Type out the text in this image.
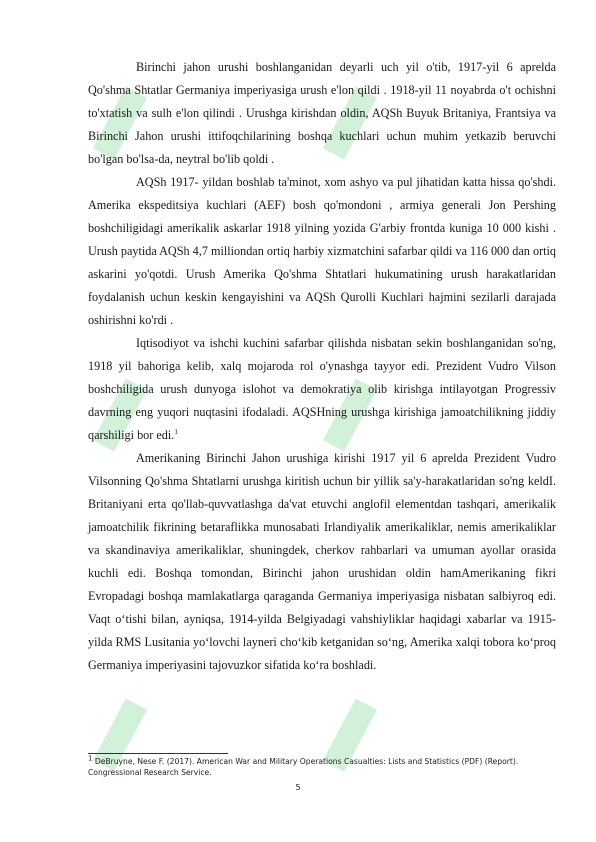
Birinchi jahon urushi boshlanganidan deyarli uch yil o'tib, 1917-yil 6 aprelda Qo'shma Shtatlar Germaniya imperiyasiga urush e'lon qildi . 1918-yil 11 noyabrda o't ochishni to'xtatish va sulh e'lon qilindi . Urushga kirishdan oldin, AQSh Buyuk Britaniya, Frantsiya va Birinchi Jahon urushi ittifoqchilarining boshqa kuchlari uchun muhim yetkazib beruvchi bo'lgan bo'lsa-da, neytral bo'lib qoldi .

AQSh 1917- yildan boshlab ta'minot, xom ashyo va pul jihatidan katta hissa qo'shdi. Amerika ekspeditsiya kuchlari (AEF) bosh qo'mondoni , armiya generali Jon Pershing boshchiligidagi amerikalik askarlar 1918 yilning yozida G'arbiy frontda kuniga 10 000 kishi . Urush paytida AQSh 4,7 milliondan ortiq harbiy xizmatchini safarbar qildi va 116 000 dan ortiq askarini yo'qotdi. Urush Amerika Qo'shma Shtatlari hukumatining urush harakatlaridan foydalanish uchun keskin kengayishini va AQSh Qurolli Kuchlari hajmini sezilarli darajada oshirishni ko'rdi .

Iqtisodiyot va ishchi kuchini safarbar qilishda nisbatan sekin boshlanganidan so'ng, 1918 yil bahoriga kelib, xalq mojaroda rol o'ynashga tayyor edi. Prezident Vudro Vilson boshchiligida urush dunyoga islohot va demokratiya olib kirishga intilayotgan Progressiv davrning eng yuqori nuqtasini ifodaladi. AQSHning urushga kirishiga jamoatchilikning jiddiy qarshiligi bor edi.$^1$

Amerikaning Birinchi Jahon urushiga kirishi 1917 yil 6 aprelda Prezident Vudro Vilsonning Qo'shma Shtatlarni urushga kiritish uchun bir yillik sa'y-harakatlaridan so'ng keldI. Britaniyani erta qo'llab-quvvatlashga da'vat etuvchi anglofil elementdan tashqari, amerikalik jamoatchilik fikrining betaraflikka munosabati Irlandiyalik amerikaliklar, nemis amerikaliklar va skandinaviya amerikaliklar, shuningdek, cherkov rahbarlari va umuman ayollar orasida kuchli edi. Boshqa tomondan, Birinchi jahon urushidan oldin hamAmerikaning fikri Evropadagi boshqa mamlakatlarga qaraganda Germaniya imperiyasiga nisbatan salbiyroq edi. Vaqt o‘tishi bilan, ayniqsa, 1914-yilda Belgiyadagi vahshiyliklar haqidagi xabarlar va 1915-yilda RMS Lusitania yo‘lovchi layneri cho‘kib ketganidan so‘ng, Amerika xalqi tobora ko‘proq Germaniya imperiyasini tajovuzkor sifatida ko‘ra boshladi.

$^1$ DeBruyne, Nese F. (2017). American War and Military Operations Casualties: Lists and Statistics (PDF) (Report). Congressional Research Service.
5
